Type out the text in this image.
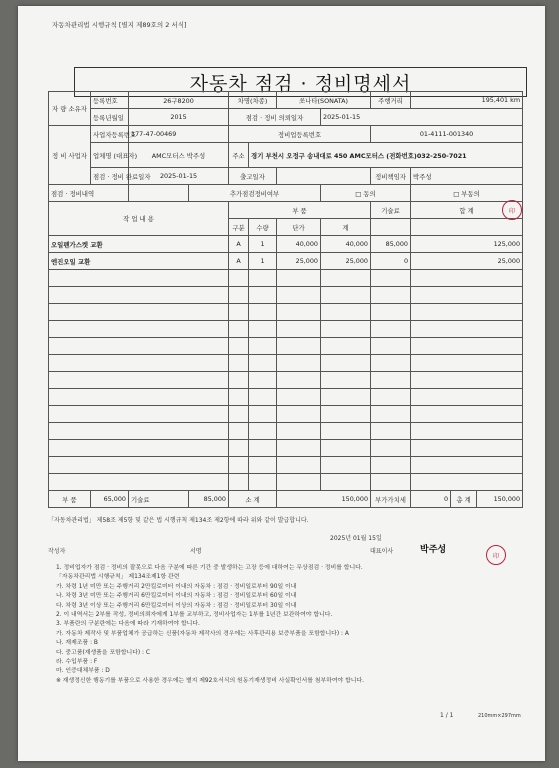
자동차관리법 시행규칙 [별지 제89호의 2 서식]
자동차 점검 · 정비명세서
자 량 소유자	등록번호	26구8200		차명(차종)		쏘나타(SONATA)		주행거리	195,401 km		
	등록년월일	2015		점검 · 정비 의뢰일자			2025-01-15				
정 비 사업자	사업자등록번호	177-47-00469		정비업등록번호				01-4111-001340			
	업체명 (대표자)	AMC모터스 박주성		주소	경기 부천시 오정구 송내대로 450 AMC모터스 (전화번호)032-250-7021						
	점검 · 정비 완료일자	2025-01-15		출고일자				정비책임자	박주성		
점검 · 정비내역			추가점검정비여부				□ 동의		□ 부동의		
작 업 내 용				부 품				기술료	합 계		
				구분	수량	단가	계				
오일펜가스켓 교환				A	1	40,000	40,000	85,000	125,000		
엔진오일 교환				A	1	25,000	25,000	0	25,000		

부 품	65,000	기술료	85,000	소 계		150,000		부가가치세	0	총 계	150,000
「자동차관리법」 제58조 제5항 및 같은 법 시행규칙 제134조 제2항에 따라 위와 같이 발급합니다.
2025년 01월 15일
작성자	서명	대표이사	박주성
印
印
1. 정비업자가 점검 · 정비의 잘못으로 다음 구분에 따른 기간 중 발생하는 고장 등에 대하여는 무상점검 · 정비를 합니다.
「자동차관리법 시행규칙」 제134조제1항 관련
가. 차령 1년 미만 또는 주행거리 2만킬로미터 이내의 자동차 : 점검 · 정비일로부터 90일 이내
나. 차령 3년 미만 또는 주행거리 6만킬로미터 이내의 자동차 : 점검 · 정비일로부터 60일 이내
다. 차령 3년 이상 또는 주행거리 6만킬로미터 이상의 자동차 : 점검 · 정비일로부터 30일 이내
2. 이 내역서는 2부를 작성, 정비의뢰자에게 1부를 교부하고, 정비사업자는 1부를 1년간 보관하여야 합니다.
3. 부품란의 구분란에는 다음에 따라 기재하여야 합니다.
가. 자동차 제작사 및 부품업체가 공급하는 신품(자동차 제작사의 경우에는 사후관리용 보증부품을 포함합니다) : A
나. 재제조품 : B
다. 중고품(재생품을 포함합니다) : C
라. 수입부품 : F
마. 인증대체부품 : D
※ 재생정신한 행동기를 부품으로 사용한 경우에는 별지 제92호서식의 원동기재생정비 사실확인서를 첨부하여야 합니다.
1 / 1	210mm×297mm
